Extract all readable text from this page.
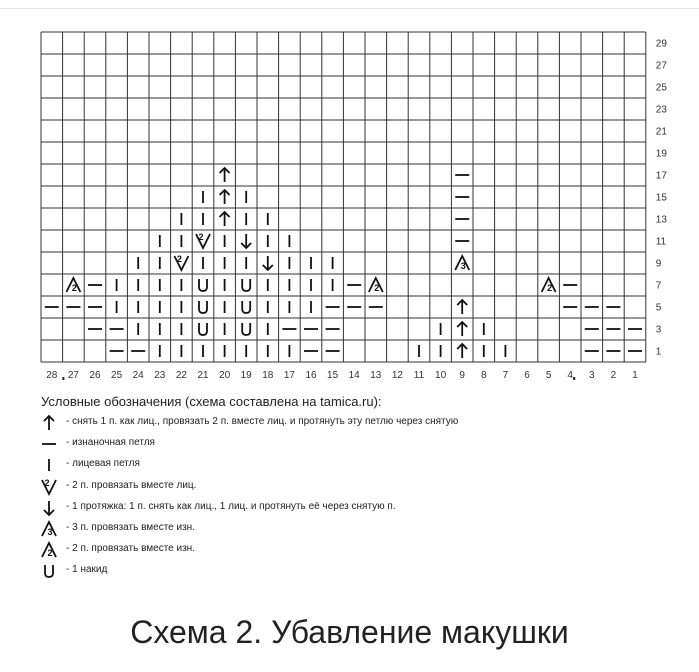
2
2
3
2	2	2
29
27
25
23
21
19
17
15
13
11
9
7
5
3
1
28 27 26 25 24 23 22 21 20 19 18 17 16 15 14 13 12 11 10 9 8 7 6 5 4 3 2 1
Условные обозначения (схема составлена на tamica.ru):
- снять 1 п. как лиц., провязать 2 п. вместе лиц. и протянуть эту петлю через снятую
- изнаночная петля
- лицевая петля
2 - 2 п. провязать вместе лиц.
- 1 протяжка: 1 п. снять как лиц., 1 лиц. и протянуть её через снятую п.
3 - 3 п. провязать вместе изн.
2 - 2 п. провязать вместе изн.
- 1 накид
Схема 2. Убавление макушки
